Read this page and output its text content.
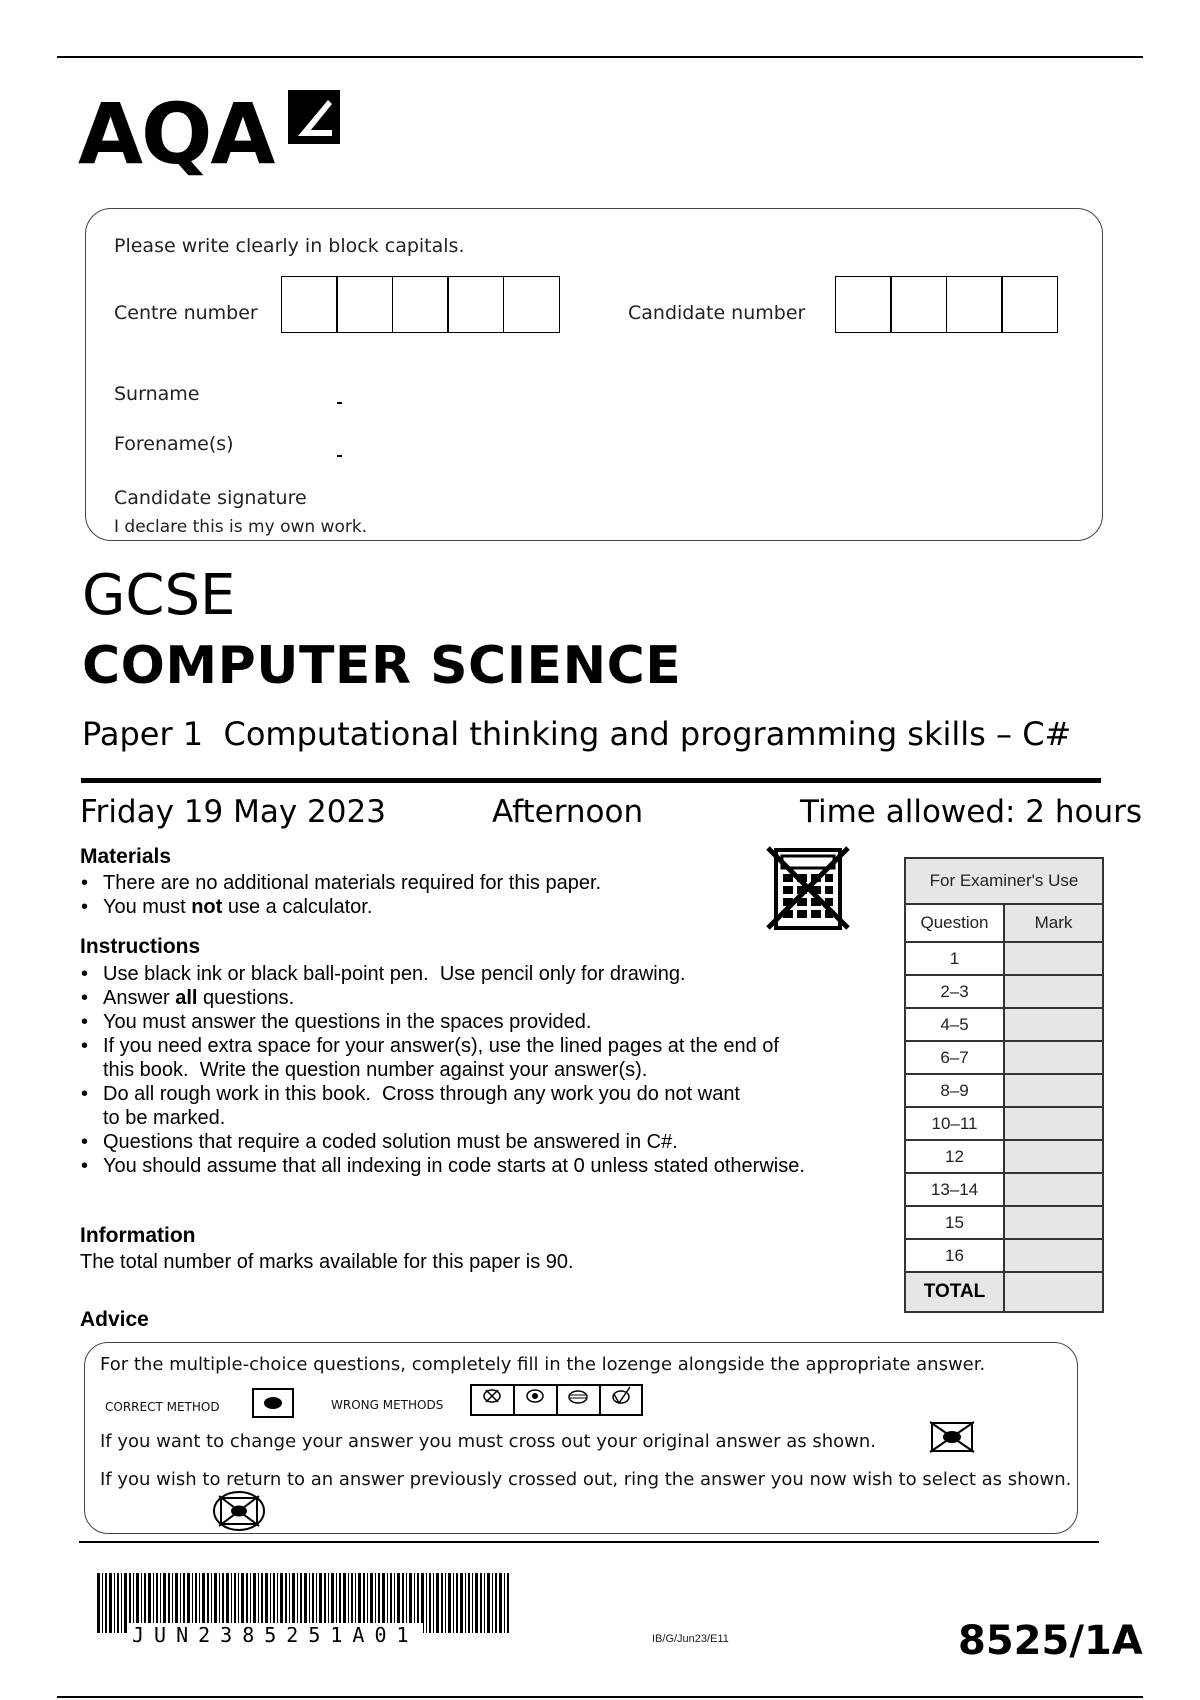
AQA
Please write clearly in block capitals.
Centre number	Candidate number
Surname
Forename(s)
Candidate signature
I declare this is my own work.
GCSE
COMPUTER SCIENCE
Paper 1  Computational thinking and programming skills – C#
Friday 19 May 2023	Afternoon	Time allowed: 2 hours
Materials
• There are no additional materials required for this paper.
• You must not use a calculator.
Instructions
• Use black ink or black ball-point pen.  Use pencil only for drawing.
• Answer all questions.
• You must answer the questions in the spaces provided.
• If you need extra space for your answer(s), use the lined pages at the end of
this book.  Write the question number against your answer(s).
• Do all rough work in this book.  Cross through any work you do not want
to be marked.
• Questions that require a coded solution must be answered in C#.
• You should assume that all indexing in code starts at 0 unless stated otherwise.
Information
The total number of marks available for this paper is 90.
For Examiner's Use	
Question	Mark
1	
2–3	
4–5	
6–7	
8–9	
10–11	
12	
13–14	
15	
16	
TOTAL	
Advice
For the multiple-choice questions, completely fill in the lozenge alongside the appropriate answer.
CORRECT METHOD	WRONG METHODS
If you want to change your answer you must cross out your original answer as shown.
If you wish to return to an answer previously crossed out, ring the answer you now wish to select as shown.
JUN2385251A01	IB/G/Jun23/E11	8525/1A
